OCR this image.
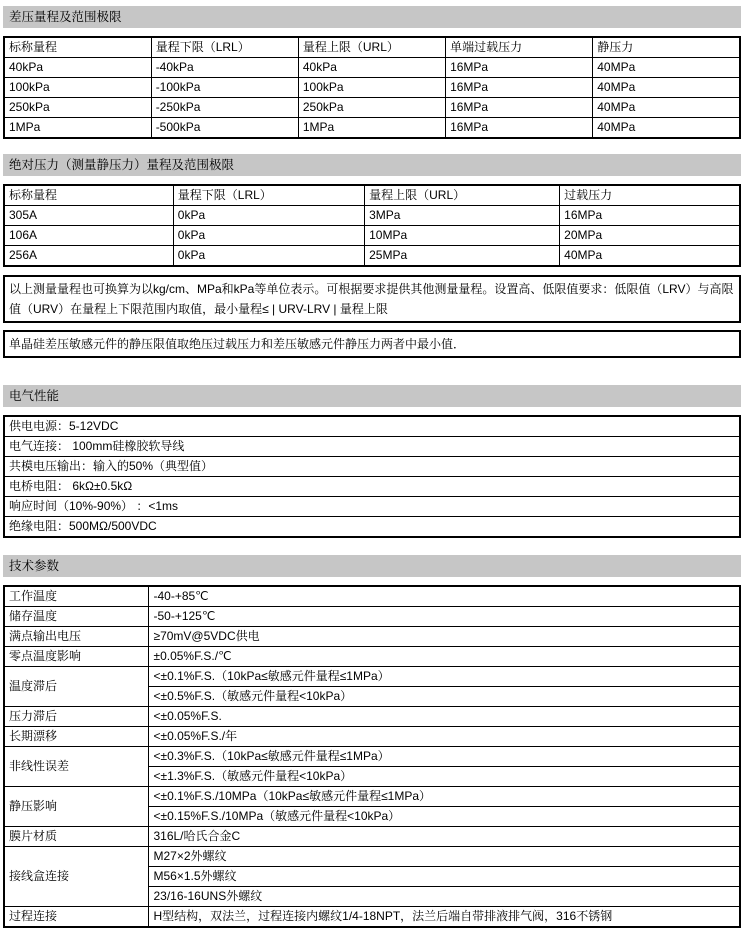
差压量程及范围极限
标称量程	量程下限（LRL）	量程上限（URL）	单端过载压力	静压力
40kPa	-40kPa	40kPa	16MPa	40MPa
100kPa	-100kPa	100kPa	16MPa	40MPa
250kPa	-250kPa	250kPa	16MPa	40MPa
1MPa	-500kPa	1MPa	16MPa	40MPa
绝对压力（测量静压力）量程及范围极限
标称量程	量程下限（LRL）	量程上限（URL）	过载压力
305A	0kPa	3MPa	16MPa
106A	0kPa	10MPa	20MPa
256A	0kPa	25MPa	40MPa
以上测量量程也可换算为以kg/cm、MPa和kPa等单位表示。可根据要求提供其他测量量程。设置高、低限值要求：低限值（LRV）与高限值（URV）在量程上下限范围内取值，最小量程≤ | URV-LRV | 量程上限
单晶硅差压敏感元件的静压限值取绝压过载压力和差压敏感元件静压力两者中最小值．
电气性能
供电电源：5-12VDC
电气连接： 100mm硅橡胶软导线
共模电压输出：输入的50%（典型值）
电桥电阻： 6kΩ±0.5kΩ
响应时间（10%-90%） ：<1ms
绝缘电阻：500MΩ/500VDC
技术参数
工作温度	-40-+85℃
储存温度	-50-+125℃
满点输出电压	≥70mV@5VDC供电
零点温度影响	±0.05%F.S./℃
温度滞后	<±0.1%F.S.（10kPa≤敏感元件量程≤1MPa）
	<±0.5%F.S.（敏感元件量程<10kPa）
压力滞后	<±0.05%F.S.
长期漂移	<±0.05%F.S./年
非线性误差	<±0.3%F.S.（10kPa≤敏感元件量程≤1MPa）
	<±1.3%F.S.（敏感元件量程<10kPa）
静压影响	<±0.1%F.S./10MPa（10kPa≤敏感元件量程≤1MPa）
	<±0.15%F.S./10MPa（敏感元件量程<10kPa）
膜片材质	316L/哈氏合金C
接线盒连接	M27×2外螺纹
	M56×1.5外螺纹
	23/16-16UNS外螺纹
过程连接	H型结构，双法兰，过程连接内螺纹1/4-18NPT，法兰后端自带排液排气阀，316不锈钢
